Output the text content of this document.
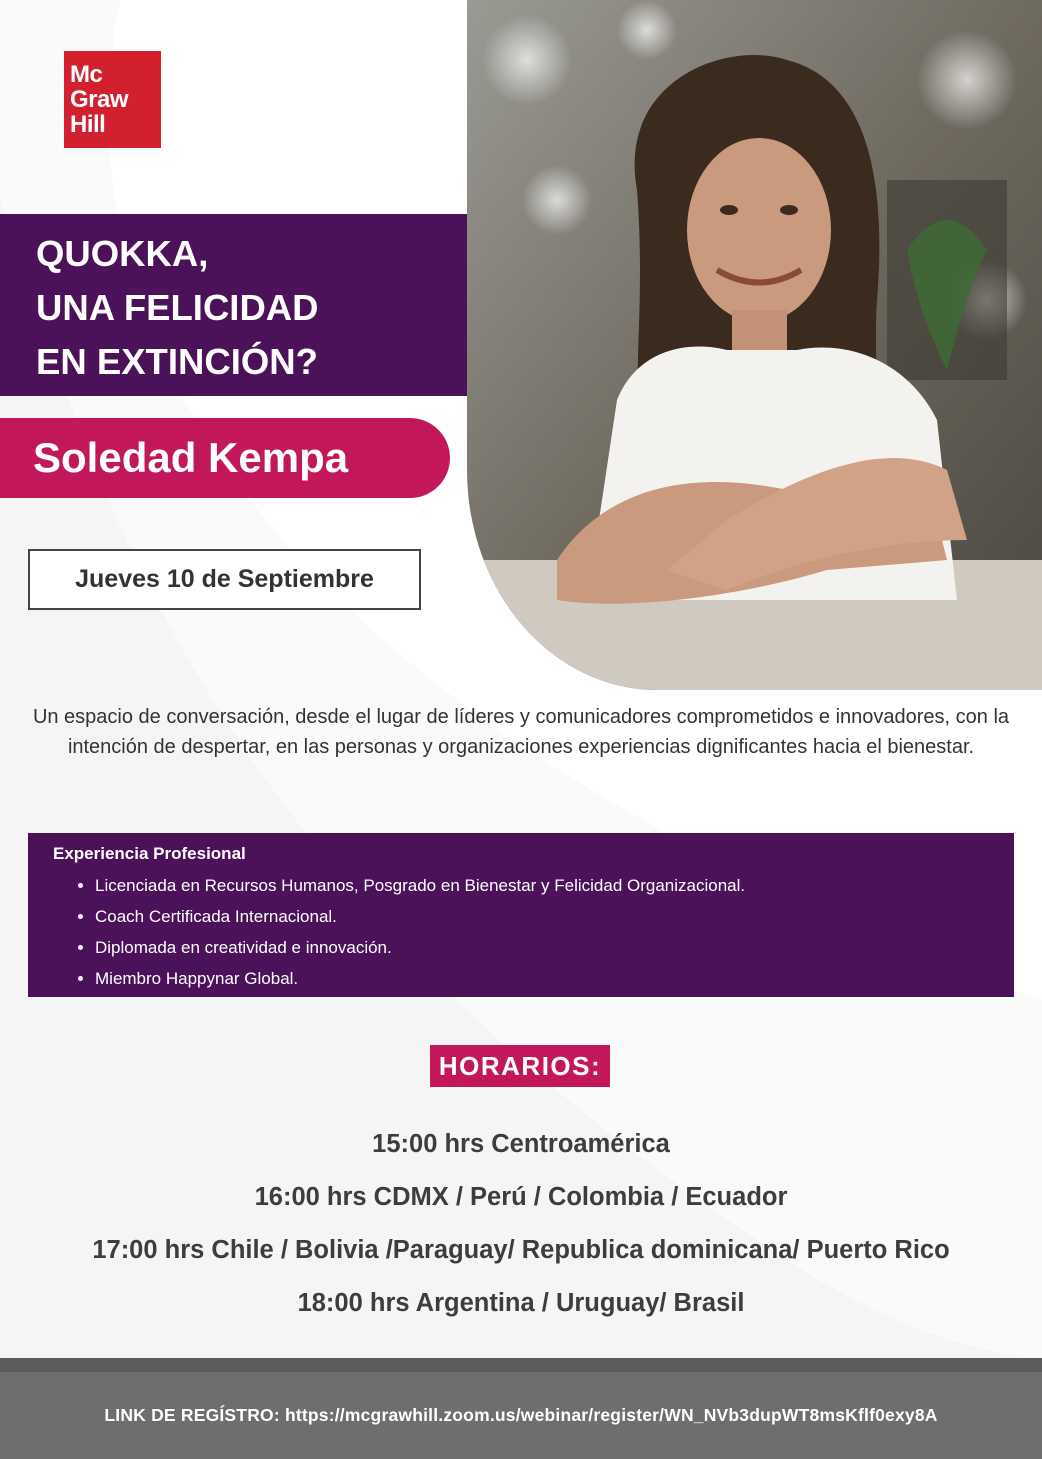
Mc
Graw
Hill
QUOKKA,
UNA FELICIDAD
EN EXTINCIÓN?
Soledad Kempa
Jueves 10 de Septiembre
Un espacio de conversación, desde el lugar de líderes y comunicadores comprometidos e innovadores, con la intención de despertar, en las personas y organizaciones experiencias dignificantes hacia el bienestar.
Experiencia Profesional
• Licenciada en Recursos Humanos, Posgrado en Bienestar y Felicidad Organizacional.
• Coach Certificada Internacional.
• Diplomada en creatividad e innovación.
• Miembro Happynar Global.
HORARIOS:
15:00 hrs Centroamérica
16:00 hrs CDMX / Perú / Colombia / Ecuador
17:00 hrs Chile / Bolivia /Paraguay/ Republica dominicana/ Puerto Rico
18:00 hrs Argentina / Uruguay/ Brasil
LINK DE REGÍSTRO: https://mcgrawhill.zoom.us/webinar/register/WN_NVb3dupWT8msKflf0exy8A
